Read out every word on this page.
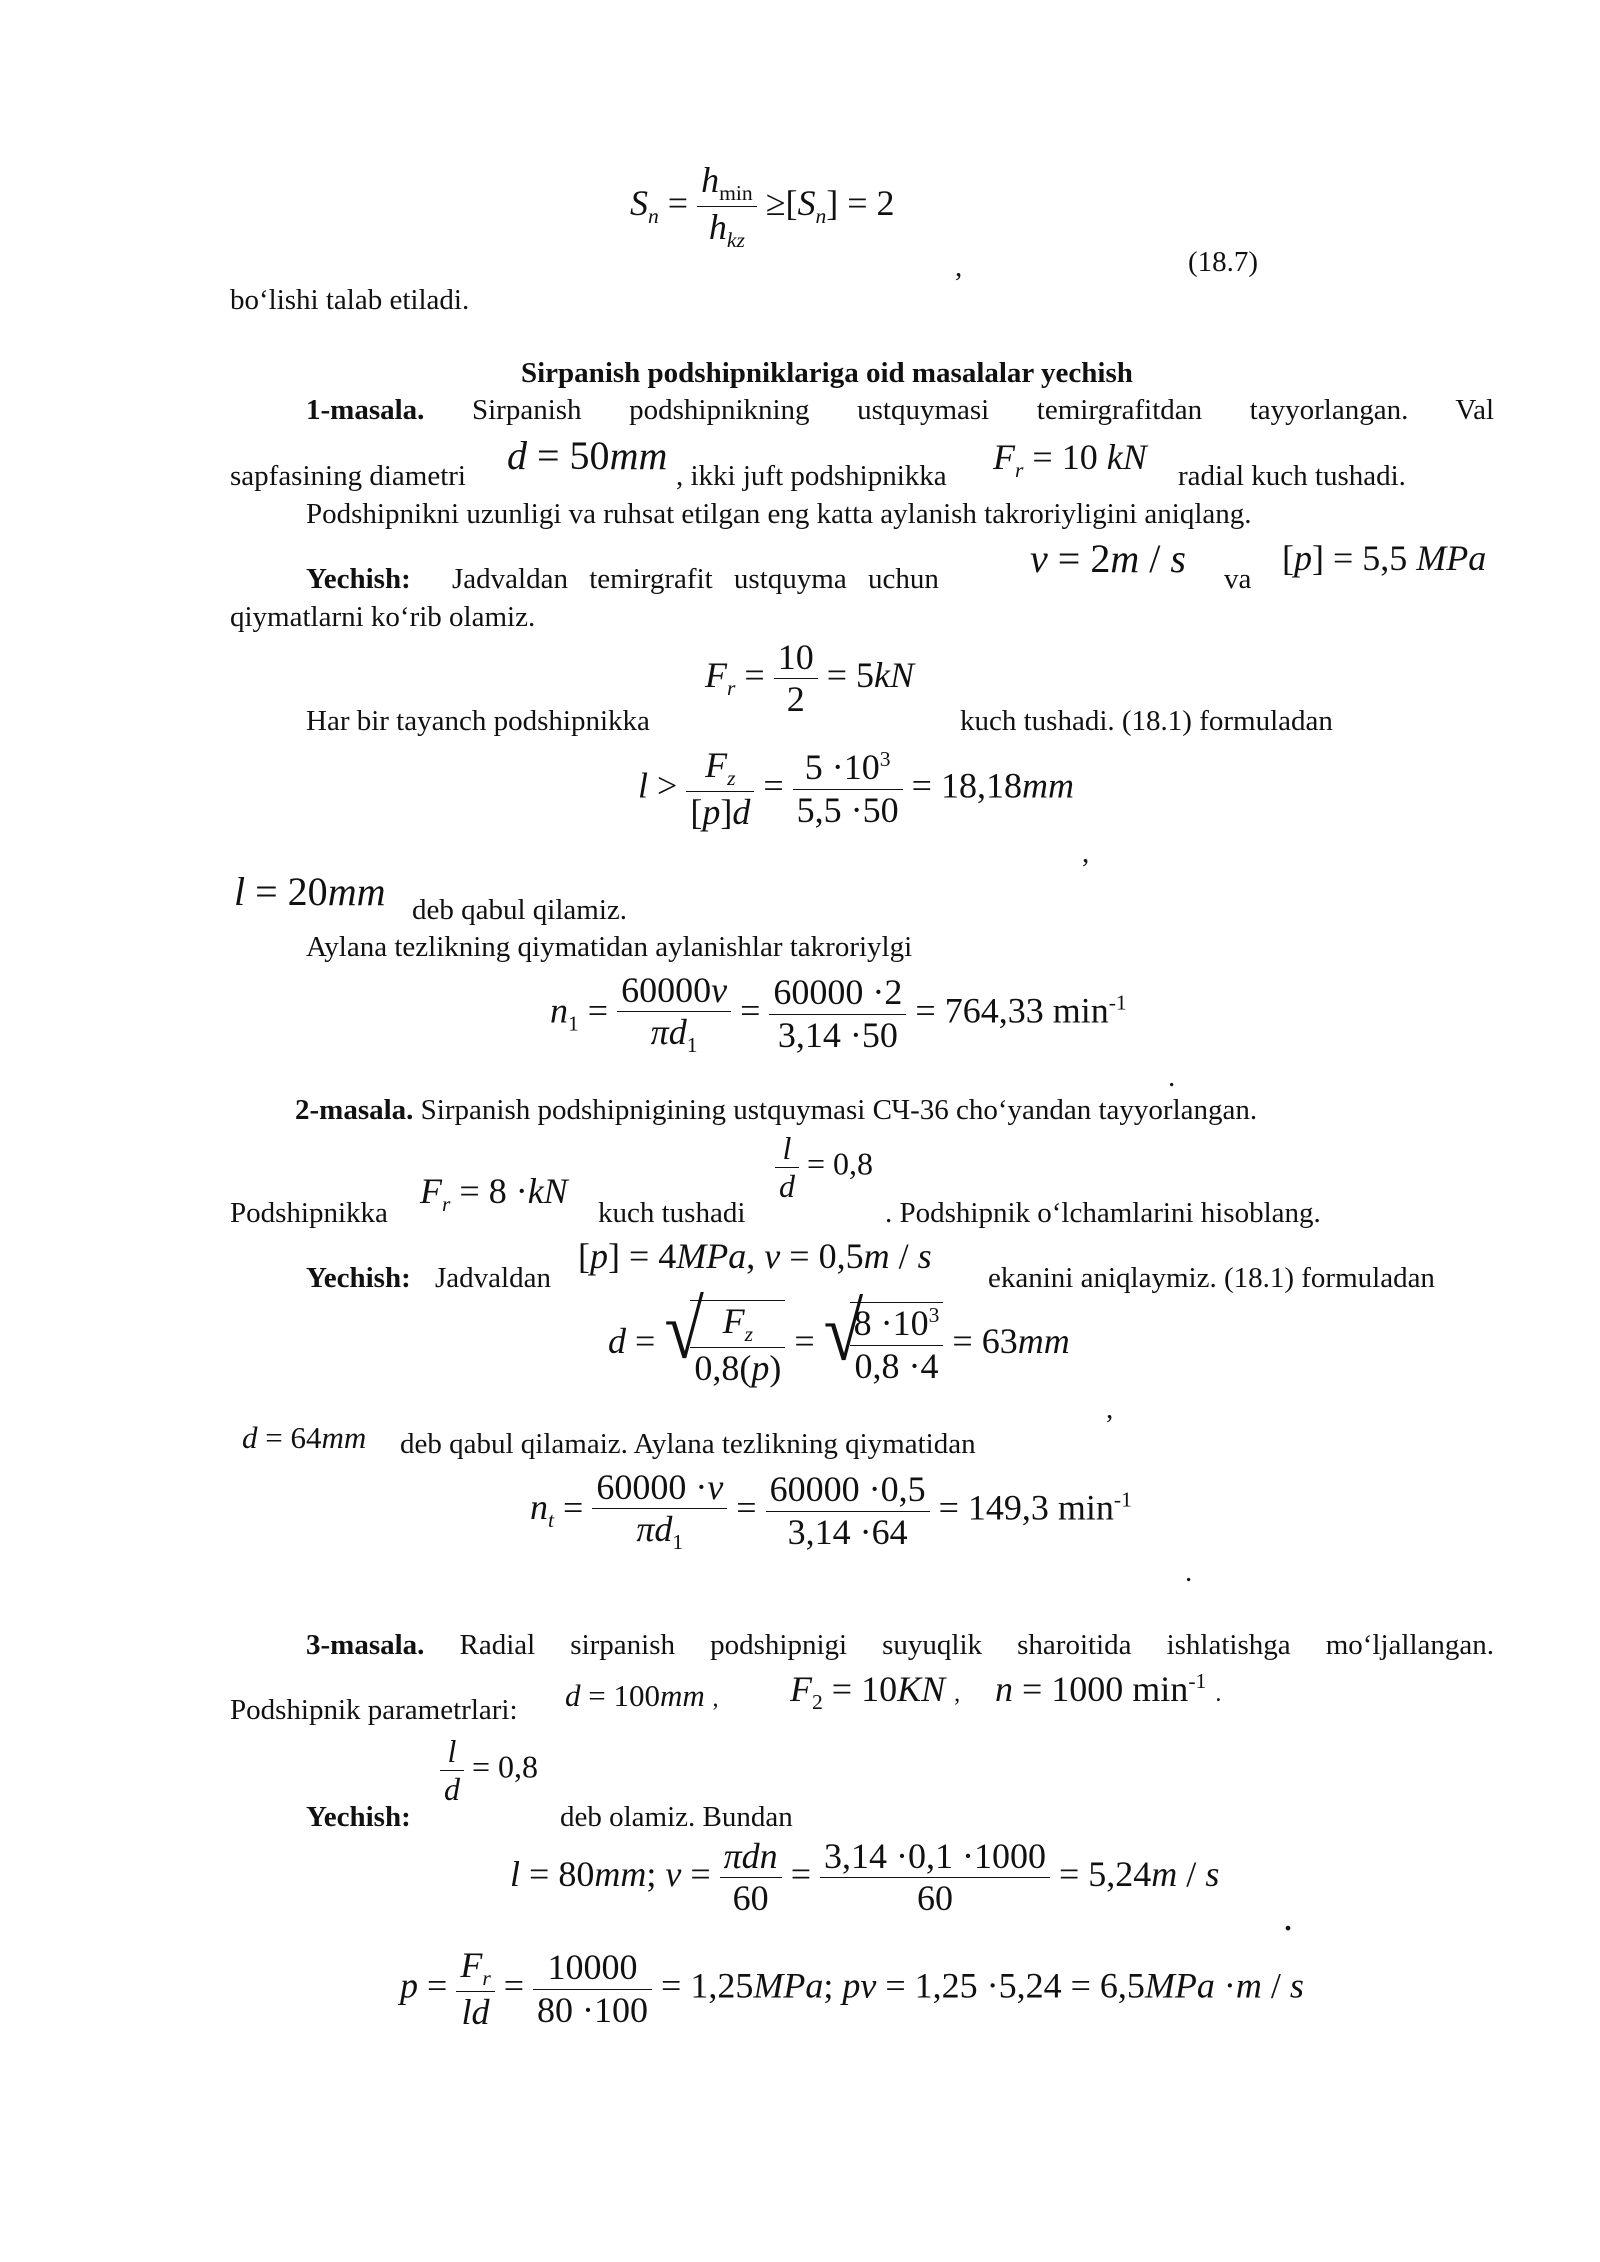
$S_n = \frac{h_{min}}{h_{kz}} \ge[S_n] = 2$
,	(18.7)
bo‘lishi talab etiladi.
Sirpanish podshipniklariga oid masalalar yechish
1-masala. Sirpanish podshipnikning ustquymasi temirgrafitdan tayyorlangan. Val
sapfasining diametri d = 50mm , ikki juft podshipnikka $F_r = 10$ kN radial kuch tushadi.
Podshipnikni uzunligi va ruhsat etilgan eng katta aylanish takroriyligini aniqlang.
Yechish: Jadvaldan temirgrafit ustquyma uchun	v = 2m / s va
[p] = 5,5 MPa
qiymatlarni ko‘rib olamiz.
Har bir tayanch podshipnikka
$F_r = \frac{10}{2} = 5kN$
kuch tushadi. (18.1) formuladan
$l > \frac{F_z}{[p]d} = \frac{5 \cdot 10^3}{5,5 \cdot 50} = 18,18mm$
,
l = 20mm deb qabul qilamiz.
Aylana tezlikning qiymatidan aylanishlar takroriylgi
$n_1 = \frac{60000v}{\pi d_1} = \frac{60000 \cdot 2}{3,14 \cdot 50} = 764,33$ $\min^{-1}$
.
2-masala. Sirpanish podshipnigining ustquymasi СЧ-36 cho‘yandan tayyorlangan.
Podshipnikka
$F_r = 8 \cdot kN$
kuch tushadi
$\frac{l}{d} = 0,8$
. Podshipnik o‘lchamlarini hisoblang.
Yechish: Jadvaldan
[p] = 4MPa, v = 0,5m / s
ekanini aniqlaymiz. (18.1) formuladan
d = √
$\frac{F_z}{0,8(p)}$ = √
$\frac{8 \cdot 10^3}{0,8 \cdot 4} = 63mm$
,
d = 64mm deb qabul qilamaiz. Aylana tezlikning qiymatidan
$n_t = \frac{60000 \cdot v}{\pi d_1} = \frac{60000 \cdot 0,5}{3,14 \cdot 64} = 149,3$ $\min^{-1}$
.
3-masala. Radial sirpanish podshipnigi suyuqlik sharoitida ishlatishga mo‘ljallangan.
Podshipnik parametrlari: d = 100mm , $F_2 = 10KN$ , n = 1000 $\min^{-1}$ .
$\frac{l}{d} = 0,8$
Yechish:	deb olamiz. Bundan
l = 80mm; $v = \frac{\text{πdn}}{60} = \frac{3,14 \cdot 0,1 \cdot 1000}{60} = 5,24m / s$
.
$p = \frac{F_r}{ld} = \frac{10000}{80 \cdot 100} = 1,25MPa$; pv = 1,25 ·5,24 = 6,5MPa ·m / s
